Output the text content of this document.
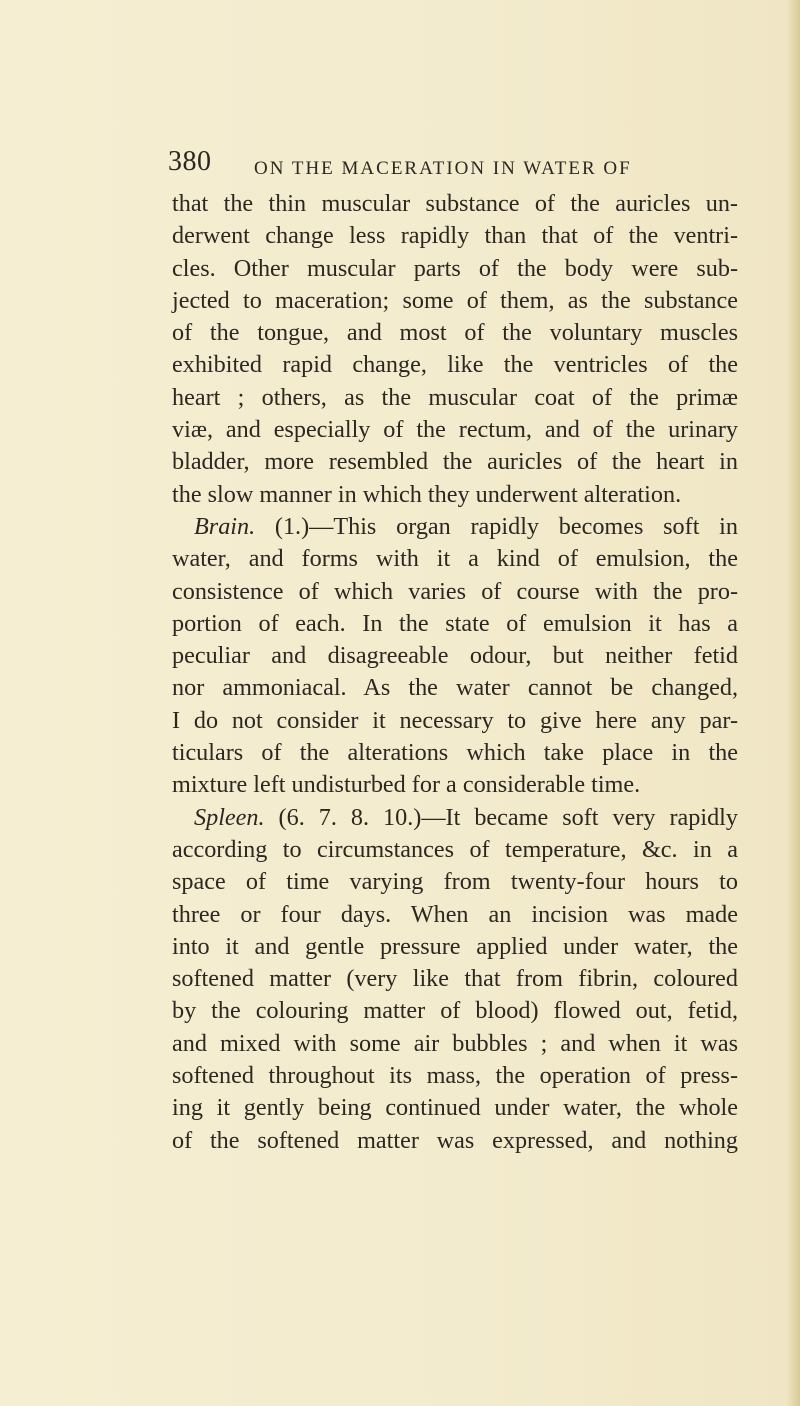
380 ON THE MACERATION IN WATER OF
that the thin muscular substance of the auricles un-
derwent change less rapidly than that of the ventri-
cles. Other muscular parts of the body were sub-
jected to maceration; some of them, as the substance
of the tongue, and most of the voluntary muscles
exhibited rapid change, like the ventricles of the
heart ; others, as the muscular coat of the primæ
viæ, and especially of the rectum, and of the urinary
bladder, more resembled the auricles of the heart in
the slow manner in which they underwent alteration.
Brain. (1.)—This organ rapidly becomes soft in
water, and forms with it a kind of emulsion, the
consistence of which varies of course with the pro-
portion of each. In the state of emulsion it has a
peculiar and disagreeable odour, but neither fetid
nor ammoniacal. As the water cannot be changed,
I do not consider it necessary to give here any par-
ticulars of the alterations which take place in the
mixture left undisturbed for a considerable time.
Spleen. (6. 7. 8. 10.)—It became soft very rapidly
according to circumstances of temperature, &c. in a
space of time varying from twenty-four hours to
three or four days. When an incision was made
into it and gentle pressure applied under water, the
softened matter (very like that from fibrin, coloured
by the colouring matter of blood) flowed out, fetid,
and mixed with some air bubbles ; and when it was
softened throughout its mass, the operation of press-
ing it gently being continued under water, the whole
of the softened matter was expressed, and nothing
